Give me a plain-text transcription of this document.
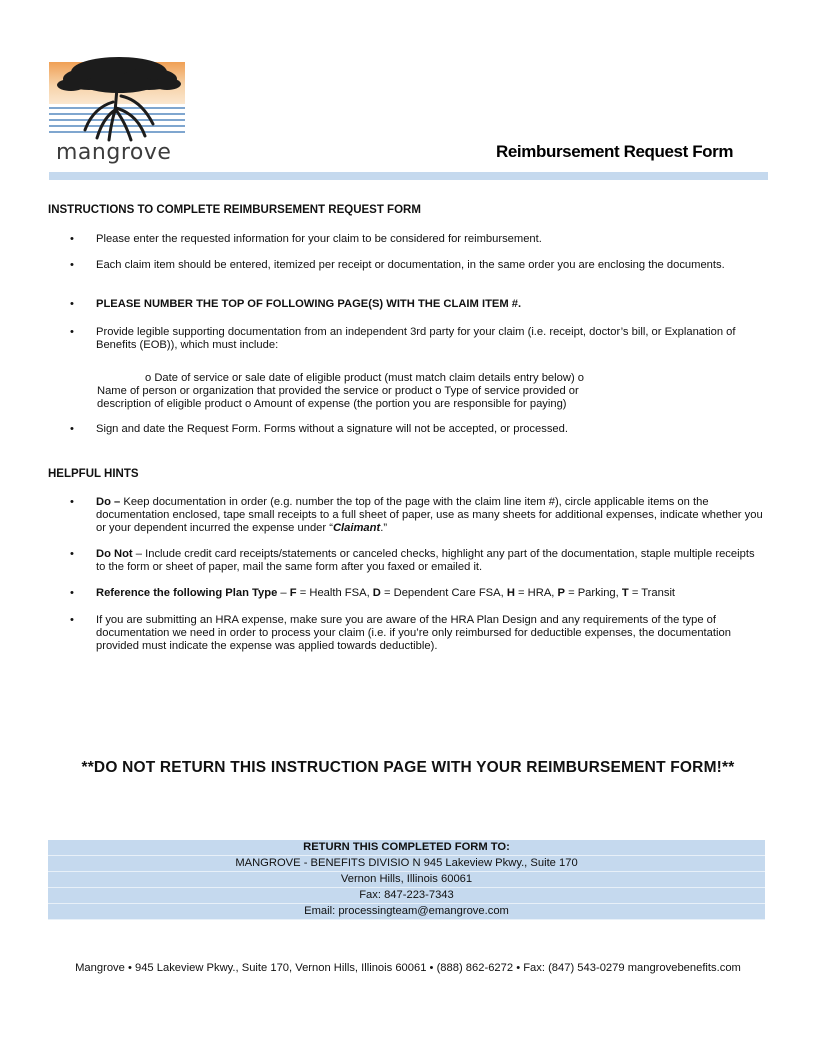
mangrove	Reimbursement Request Form
INSTRUCTIONS TO COMPLETE REIMBURSEMENT REQUEST FORM
•	Please enter the requested information for your claim to be considered for reimbursement.
•	Each claim item should be entered, itemized per receipt or documentation, in the same order you are enclosing the documents.
•	PLEASE NUMBER THE TOP OF FOLLOWING PAGE(S) WITH THE CLAIM ITEM #.
•	Provide legible supporting documentation from an independent 3rd party for your claim (i.e. receipt, doctor’s bill, or Explanation of Benefits (EOB)), which must include:
•	Sign and date the Request Form. Forms without a signature will not be accepted, or processed.
o Date of service or sale date of eligible product (must match claim details entry below) o
Name of person or organization that provided the service or product o Type of service provided or
description of eligible product o Amount of expense (the portion you are responsible for paying)
HELPFUL HINTS
•	Do – Keep documentation in order (e.g. number the top of the page with the claim line item #), circle applicable items on the documentation enclosed, tape small receipts to a full sheet of paper, use as many sheets for additional expenses, indicate whether you or your dependent incurred the expense under “Claimant.”
•	Do Not – Include credit card receipts/statements or canceled checks, highlight any part of the documentation, staple multiple receipts to the form or sheet of paper, mail the same form after you faxed or emailed it.
•	Reference the following Plan Type – F = Health FSA, D = Dependent Care FSA, H = HRA, P = Parking, T = Transit
•	If you are submitting an HRA expense, make sure you are aware of the HRA Plan Design and any requirements of the type of documentation we need in order to process your claim (i.e. if you’re only reimbursed for deductible expenses, the documentation provided must indicate the expense was applied towards deductible).
**DO NOT RETURN THIS INSTRUCTION PAGE WITH YOUR REIMBURSEMENT FORM!**
RETURN THIS COMPLETED FORM TO:
MANGROVE - BENEFITS DIVISIO N 945 Lakeview Pkwy., Suite 170
Vernon Hills, Illinois 60061
Fax: 847-223-7343
Email: processingteam@emangrove.com
Mangrove • 945 Lakeview Pkwy., Suite 170, Vernon Hills, Illinois 60061 • (888) 862-6272 • Fax: (847) 543-0279 mangrovebenefits.com
